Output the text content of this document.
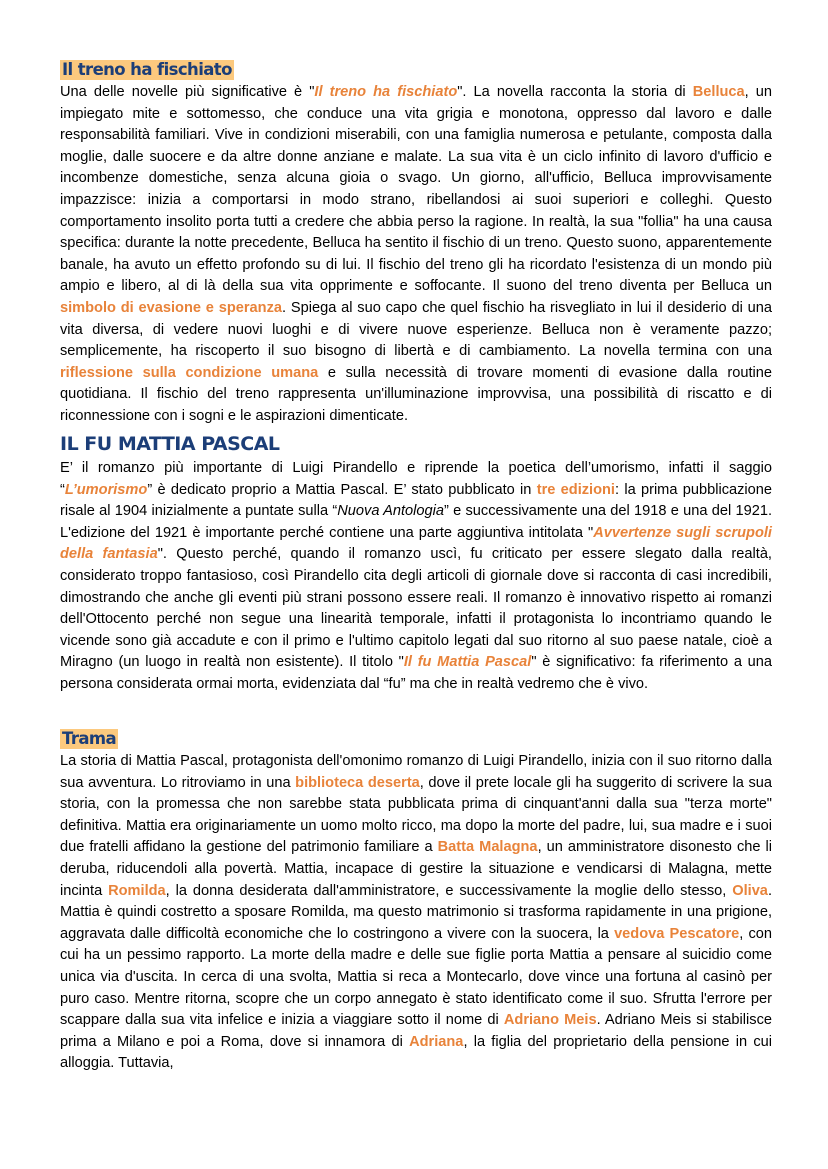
Il treno ha fischiato

Una delle novelle più significative è "Il treno ha fischiato". La novella racconta la storia di Belluca, un impiegato mite e sottomesso, che conduce una vita grigia e monotona, oppresso dal lavoro e dalle responsabilità familiari. Vive in condizioni miserabili, con una famiglia numerosa e petulante, composta dalla moglie, dalle suocere e da altre donne anziane e malate. La sua vita è un ciclo infinito di lavoro d'ufficio e incombenze domestiche, senza alcuna gioia o svago. Un giorno, all'ufficio, Belluca improvvisamente impazzisce: inizia a comportarsi in modo strano, ribellandosi ai suoi superiori e colleghi. Questo comportamento insolito porta tutti a credere che abbia perso la ragione. In realtà, la sua "follia" ha una causa specifica: durante la notte precedente, Belluca ha sentito il fischio di un treno. Questo suono, apparentemente banale, ha avuto un effetto profondo su di lui. Il fischio del treno gli ha ricordato l'esistenza di un mondo più ampio e libero, al di là della sua vita opprimente e soffocante. Il suono del treno diventa per Belluca un simbolo di evasione e speranza. Spiega al suo capo che quel fischio ha risvegliato in lui il desiderio di una vita diversa, di vedere nuovi luoghi e di vivere nuove esperienze. Belluca non è veramente pazzo; semplicemente, ha riscoperto il suo bisogno di libertà e di cambiamento. La novella termina con una riflessione sulla condizione umana e sulla necessità di trovare momenti di evasione dalla routine quotidiana. Il fischio del treno rappresenta un'illuminazione improvvisa, una possibilità di riscatto e di riconnessione con i sogni e le aspirazioni dimenticate.

IL FU MATTIA PASCAL

E’ il romanzo più importante di Luigi Pirandello e riprende la poetica dell’umorismo, infatti il saggio “L’umorismo” è dedicato proprio a Mattia Pascal. E’ stato pubblicato in tre edizioni: la prima pubblicazione risale al 1904 inizialmente a puntate sulla “Nuova Antologia” e successivamente una del 1918 e una del 1921. L'edizione del 1921 è importante perché contiene una parte aggiuntiva intitolata "Avvertenze sugli scrupoli della fantasia". Questo perché, quando il romanzo uscì, fu criticato per essere slegato dalla realtà, considerato troppo fantasioso, così Pirandello cita degli articoli di giornale dove si racconta di casi incredibili, dimostrando che anche gli eventi più strani possono essere reali. Il romanzo è innovativo rispetto ai romanzi dell'Ottocento perché non segue una linearità temporale, infatti il protagonista lo incontriamo quando le vicende sono già accadute e con il primo e l'ultimo capitolo legati dal suo ritorno al suo paese natale, cioè a Miragno (un luogo in realtà non esistente). Il titolo "Il fu Mattia Pascal" è significativo: fa riferimento a una persona considerata ormai morta, evidenziata dal “fu” ma che in realtà vedremo che è vivo.

Trama

La storia di Mattia Pascal, protagonista dell'omonimo romanzo di Luigi Pirandello, inizia con il suo ritorno dalla sua avventura. Lo ritroviamo in una biblioteca deserta, dove il prete locale gli ha suggerito di scrivere la sua storia, con la promessa che non sarebbe stata pubblicata prima di cinquant'anni dalla sua "terza morte" definitiva. Mattia era originariamente un uomo molto ricco, ma dopo la morte del padre, lui, sua madre e i suoi due fratelli affidano la gestione del patrimonio familiare a Batta Malagna, un amministratore disonesto che li deruba, riducendoli alla povertà. Mattia, incapace di gestire la situazione e vendicarsi di Malagna, mette incinta Romilda, la donna desiderata dall'amministratore, e successivamente la moglie dello stesso, Oliva. Mattia è quindi costretto a sposare Romilda, ma questo matrimonio si trasforma rapidamente in una prigione, aggravata dalle difficoltà economiche che lo costringono a vivere con la suocera, la vedova Pescatore, con cui ha un pessimo rapporto. La morte della madre e delle sue figlie porta Mattia a pensare al suicidio come unica via d'uscita. In cerca di una svolta, Mattia si reca a Montecarlo, dove vince una fortuna al casinò per puro caso. Mentre ritorna, scopre che un corpo annegato è stato identificato come il suo. Sfrutta l'errore per scappare dalla sua vita infelice e inizia a viaggiare sotto il nome di Adriano Meis. Adriano Meis si stabilisce prima a Milano e poi a Roma, dove si innamora di Adriana, la figlia del proprietario della pensione in cui alloggia. Tuttavia,
